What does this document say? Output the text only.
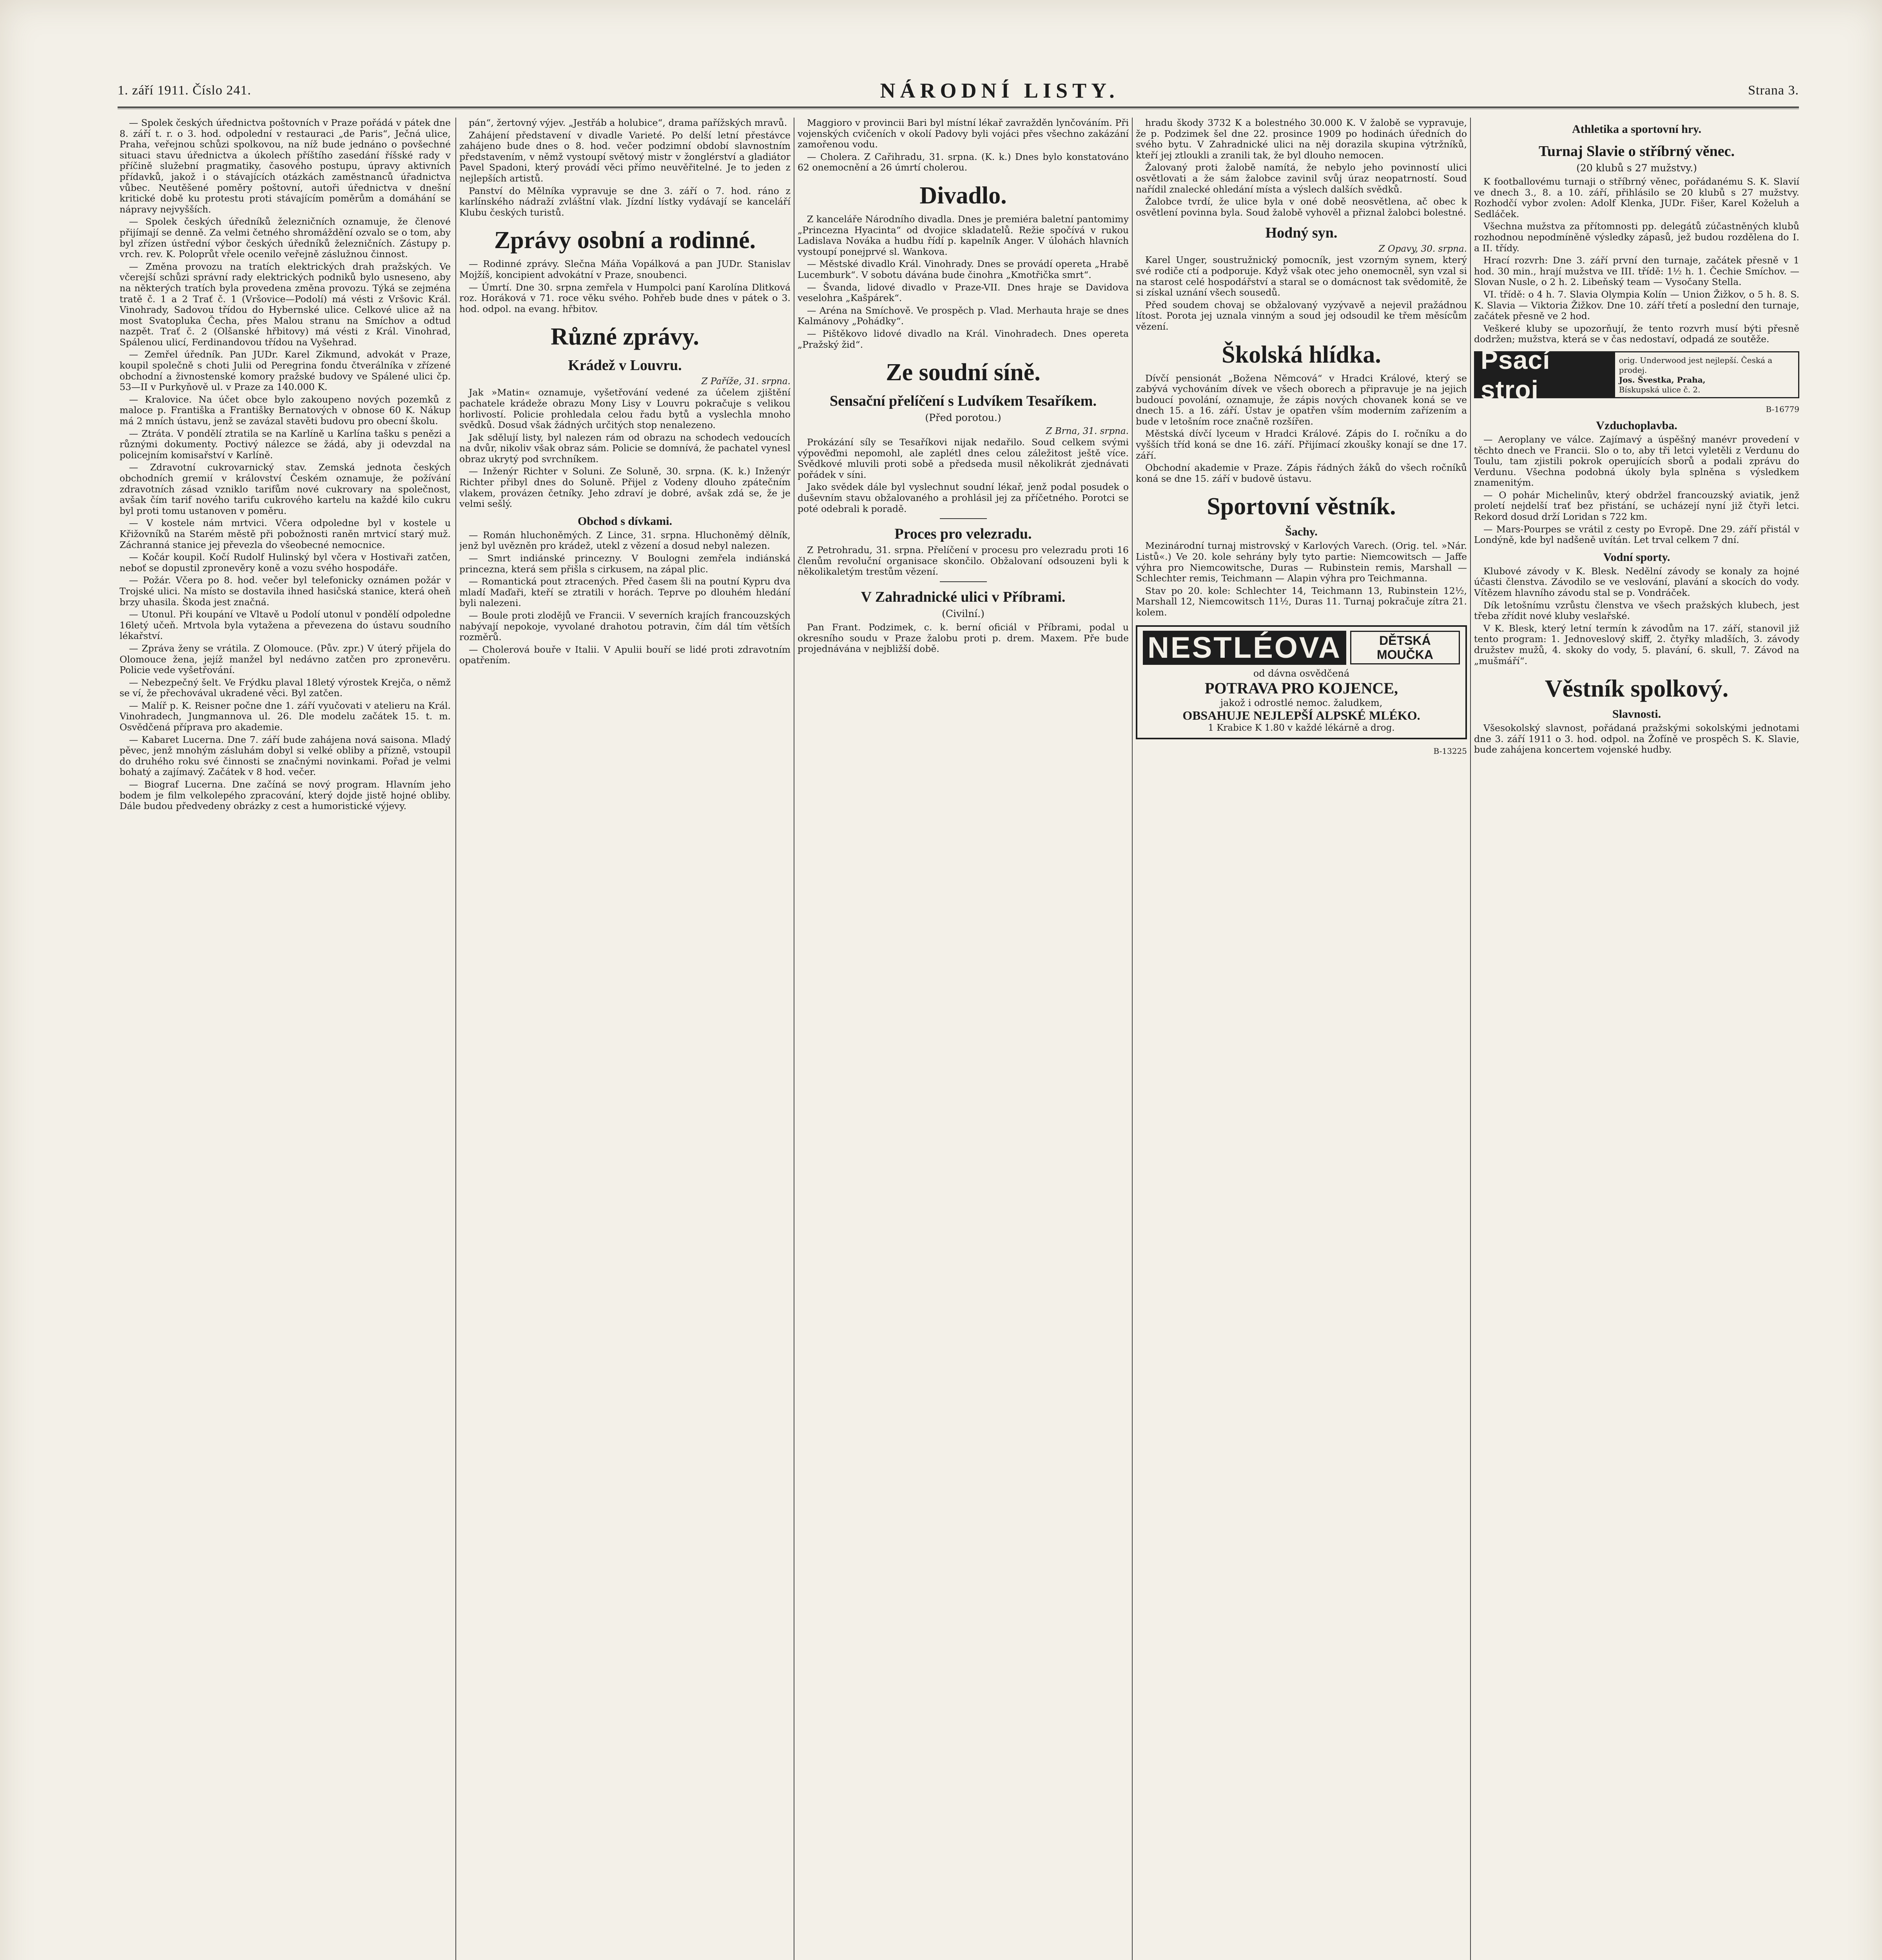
1. září 1911. Číslo 241.	NÁRODNÍ LISTY.	Strana 3.

— Spolek českých úřednictva poštovních v Praze pořádá v pátek dne 8. září t. r. o 3. hod. odpolední v restauraci „de Paris“, Ječná ulice, Praha, veřejnou schůzi spolkovou, na níž bude jednáno o povšechné situaci stavu úřednictva a úkolech příštího zasedání říšské rady v příčině služební pragmatiky, časového postupu, úpravy aktivních přídavků, jakož i o stávajících otázkách zaměstnanců úřadnictva vůbec. Neutěšené poměry poštovní, autoři úřednictva v dnešní kritické době ku protestu proti stávajícím poměrům a domáhání se nápravy nejvyšších.

— Spolek českých úředníků železničních oznamuje, že členové přijímají se denně. Za velmi četného shromáždění ozvalo se o tom, aby byl zřízen ústřední výbor českých úředníků železničních. Zástupy p. vrch. rev. K. Poloprůt vřele ocenilo veřejně záslužnou činnost.

— Změna provozu na tratích elektrických drah pražských. Ve včerejší schůzi správní rady elektrických podniků bylo usneseno, aby na některých tratích byla provedena změna provozu. Týká se zejména tratě č. 1 a 2 Trať č. 1 (Vršovice—Podolí) má vésti z Vršovic Král. Vinohrady, Sadovou třídou do Hybernské ulice. Celkové ulice až na most Svatopluka Čecha, přes Malou stranu na Smíchov a odtud nazpět. Trať č. 2 (Olšanské hřbitovy) má vésti z Král. Vinohrad, Spálenou ulicí, Ferdinandovou třídou na Vyšehrad.

— Zemřel úředník. Pan JUDr. Karel Zikmund, advokát v Praze, koupil společně s choti Julii od Peregrina fondu čtverálníka v zřízené obchodní a živnostenské komory pražské budovy ve Spálené ulici čp. 53—II v Purkyňově ul. v Praze za 140.000 K.

— Kralovice. Na účet obce bylo zakoupeno nových pozemků z maloce p. Františka a Františky Bernatových v obnose 60 K. Nákup má 2 mních ústavu, jenž se zavázal stavěti budovu pro obecní školu.

— Ztráta. V pondělí ztratila se na Karlíně u Karlína tašku s penězi a různými dokumenty. Poctivý nálezce se žádá, aby ji odevzdal na policejním komisařství v Karlíně.

— Zdravotní cukrovarnický stav. Zemská jednota českých obchodních gremií v království Českém oznamuje, že požívání zdravotních zásad vzniklo tarifům nové cukrovary na společnost, avšak čím tarif nového tarifu cukrového kartelu na každé kilo cukru byl proti tomu ustanoven v poměru.

— V kostele nám mrtvici. Včera odpoledne byl v kostele u Křižovníků na Starém městě při pobožnosti raněn mrtvicí starý muž. Záchranná stanice jej převezla do všeobecné nemocnice.

— Kočár koupil. Kočí Rudolf Hulinský byl včera v Hostivaři zatčen, neboť se dopustil zpronevěry koně a vozu svého hospodáře.

— Požár. Včera po 8. hod. večer byl telefonicky oznámen požár v Trojské ulici. Na místo se dostavila ihned hasičská stanice, která oheň brzy uhasila. Škoda jest značná.

— Utonul. Při koupání ve Vltavě u Podolí utonul v pondělí odpoledne 16letý učeň. Mrtvola byla vytažena a převezena do ústavu soudního lékařství.

— Zpráva ženy se vrátila. Z Olomouce. (Pův. zpr.) V úterý přijela do Olomouce žena, jejíž manžel byl nedávno zatčen pro zpronevěru. Policie vede vyšetřování.

— Nebezpečný šelt. Ve Frýdku plaval 18letý výrostek Krejča, o němž se ví, že přechovával ukradené věci. Byl zatčen.

— Malíř p. K. Reisner počne dne 1. září vyučovati v atelieru na Král. Vinohradech, Jungmannova ul. 26. Dle modelu začátek 15. t. m. Osvědčená příprava pro akademie.

— Kabaret Lucerna. Dne 7. září bude zahájena nová saisona. Mladý pěvec, jenž mnohým zásluhám dobyl si velké obliby a přízně, vstoupil do druhého roku své činnosti se značnými novinkami. Pořad je velmi bohatý a zajímavý. Začátek v 8 hod. večer.

— Biograf Lucerna. Dne začíná se nový program. Hlavním jeho bodem je film velkolepého zpracování, který dojde jistě hojné obliby. Dále budou předvedeny obrázky z cest a humoristické výjevy.

pán“, žertovný výjev. „Jestřáb a holubice“, drama pařížských mravů.

Zahájení představení v divadle Varieté. Po delší letní přestávce zahájeno bude dnes o 8. hod. večer podzimní období slavnostním představením, v němž vystoupí světový mistr v žonglérství a gladiátor Pavel Spadoni, který provádí věci přímo neuvěřitelné. Je to jeden z nejlepších artistů.

Panství do Mělníka vypravuje se dne 3. září o 7. hod. ráno z karlínského nádraží zvláštní vlak. Jízdní lístky vydávají se kanceláří Klubu českých turistů.

Zprávy osobní a rodinné.

— Rodinné zprávy. Slečna Máňa Vopálková a pan JUDr. Stanislav Mojžíš, koncipient advokátní v Praze, snoubenci.

— Úmrtí. Dne 30. srpna zemřela v Humpolci paní Karolína Dlitková roz. Horáková v 71. roce věku svého. Pohřeb bude dnes v pátek o 3. hod. odpol. na evang. hřbitov.

Různé zprávy.
Krádež v Louvru.

Z Paříže, 31. srpna.

Jak »Matin« oznamuje, vyšetřování vedené za účelem zjištění pachatele krádeže obrazu Mony Lisy v Louvru pokračuje s velikou horlivostí. Policie prohledala celou řadu bytů a vyslechla mnoho svědků. Dosud však žádných určitých stop nenalezeno.

Jak sdělují listy, byl nalezen rám od obrazu na schodech vedoucích na dvůr, nikoliv však obraz sám. Policie se domnívá, že pachatel vynesl obraz ukrytý pod svrchníkem.

— Inženýr Richter v Soluni. Ze Soluně, 30. srpna. (K. k.) Inženýr Richter přibyl dnes do Soluně. Přijel z Vodeny dlouho zpátečním vlakem, provázen četníky. Jeho zdraví je dobré, avšak zdá se, že je velmi sešlý.

Obchod s dívkami.

— Román hluchoněmých. Z Lince, 31. srpna. Hluchoněmý dělník, jenž byl uvězněn pro krádež, utekl z vězení a dosud nebyl nalezen.

— Smrt indiánské princezny. V Boulogni zemřela indiánská princezna, která sem přišla s cirkusem, na zápal plic.

— Romantická pout ztracených. Před časem šli na poutní Kypru dva mladí Maďaři, kteří se ztratili v horách. Teprve po dlouhém hledání byli nalezeni.

— Boule proti zlodějů ve Francii. V severních krajích francouzských nabývají nepokoje, vyvolané drahotou potravin, čím dál tím větších rozměrů.

— Cholerová bouře v Italii. V Apulii bouří se lidé proti zdravotním opatřením.

Maggioro v provincii Bari byl místní lékař zavražděn lynčováním. Při vojenských cvičeních v okolí Padovy byli vojáci přes všechno zakázání zamořenou vodu.

— Cholera. Z Cařihradu, 31. srpna. (K. k.) Dnes bylo konstatováno 62 onemocnění a 26 úmrtí cholerou.

Divadlo.

Z kanceláře Národního divadla. Dnes je premiéra baletní pantomimy „Princezna Hyacinta“ od dvojice skladatelů. Režie spočívá v rukou Ladislava Nováka a hudbu řídí p. kapelník Anger. V úlohách hlavních vystoupí ponejprvé sl. Wankova.

— Městské divadlo Král. Vinohrady. Dnes se provádí opereta „Hrabě Lucemburk“. V sobotu dávána bude činohra „Kmotřička smrt“.

— Švanda, lidové divadlo v Praze-VII. Dnes hraje se Davidova veselohra „Kašpárek“.

— Aréna na Smíchově. Ve prospěch p. Vlad. Merhauta hraje se dnes Kalmánovy „Pohádky“.

— Pištěkovo lidové divadlo na Král. Vinohradech. Dnes opereta „Pražský žid“.

Ze soudní síně.
Sensační přelíčení s Ludvíkem Tesaříkem.

(Před porotou.)

Z Brna, 31. srpna.

Prokázání síly se Tesaříkovi nijak nedařilo. Soud celkem svými výpověďmi nepomohl, ale zaplétl dnes celou záležitost ještě více. Svědkové mluvili proti sobě a předseda musil několikrát zjednávati pořádek v síni.

Jako svědek dále byl vyslechnut soudní lékař, jenž podal posudek o duševním stavu obžalovaného a prohlásil jej za příčetného. Porotci se poté odebrali k poradě.

Proces pro velezradu.

Z Petrohradu, 31. srpna. Přelíčení v procesu pro velezradu proti 16 členům revoluční organisace skončilo. Obžalovaní odsouzeni byli k několikaletým trestům vězení.

V Zahradnické ulici v Příbrami.

(Civilní.)

Pan Frant. Podzimek, c. k. berní oficiál v Příbrami, podal u okresního soudu v Praze žalobu proti p. drem. Maxem. Pře bude projednávána v nejbližší době.

hradu škody 3732 K a bolestného 30.000 K. V žalobě se vypravuje, že p. Podzimek šel dne 22. prosince 1909 po hodinách úředních do svého bytu. V Zahradnické ulici na něj dorazila skupina výtržníků, kteří jej ztloukli a zranili tak, že byl dlouho nemocen.

Žalovaný proti žalobě namítá, že nebylo jeho povinností ulici osvětlovati a že sám žalobce zavinil svůj úraz neopatrností. Soud nařídil znalecké ohledání místa a výslech dalších svědků.

Žalobce tvrdí, že ulice byla v oné době neosvětlena, ač obec k osvětlení povinna byla. Soud žalobě vyhověl a přiznal žalobci bolestné.

Hodný syn.

Z Opavy, 30. srpna.

Karel Unger, soustružnický pomocník, jest vzorným synem, který své rodiče ctí a podporuje. Když však otec jeho onemocněl, syn vzal si na starost celé hospodářství a staral se o domácnost tak svědomitě, že si získal uznání všech sousedů.

Před soudem chovaj se obžalovaný vyzývavě a nejevil pražádnou lítost. Porota jej uznala vinným a soud jej odsoudil ke třem měsícům vězení.

Školská hlídka.

Dívčí pensionát „Božena Němcová“ v Hradci Králové, který se zabývá vychováním dívek ve všech oborech a připravuje je na jejich budoucí povolání, oznamuje, že zápis nových chovanek koná se ve dnech 15. a 16. září. Ústav je opatřen vším moderním zařízením a bude v letošním roce značně rozšířen.

Městská dívčí lyceum v Hradci Králové. Zápis do I. ročníku a do vyšších tříd koná se dne 16. září. Přijímací zkoušky konají se dne 17. září.

Obchodní akademie v Praze. Zápis řádných žáků do všech ročníků koná se dne 15. září v budově ústavu.

Sportovní věstník.
Šachy.

Mezinárodní turnaj mistrovský v Karlových Varech. (Orig. tel. »Nár. Listů«.) Ve 20. kole sehrány byly tyto partie: Niemcowitsch — Jaffe výhra pro Niemcowitsche, Duras — Rubinstein remis, Marshall — Schlechter remis, Teichmann — Alapin výhra pro Teichmanna.

Stav po 20. kole: Schlechter 14, Teichmann 13, Rubinstein 12½, Marshall 12, Niemcowitsch 11½, Duras 11. Turnaj pokračuje zítra 21. kolem.

NESTLÉOVA	DĚTSKÁ MOUČKA
od dávna osvědčená
POTRAVA PRO KOJENCE,
jakož i odrostlé nemoc. žaludkem,
OBSAHUJE NEJLEPŠÍ ALPSKÉ MLÉKO.
1 Krabice K 1.80 v každé lékárně a drog.
B-13225
Athletika a sportovní hry.
Turnaj Slavie o stříbrný věnec.

(20 klubů s 27 mužstvy.)

K footballovému turnaji o stříbrný věnec, pořádanému S. K. Slavií ve dnech 3., 8. a 10. září, přihlásilo se 20 klubů s 27 mužstvy. Rozhodčí vybor zvolen: Adolf Klenka, JUDr. Fišer, Karel Koželuh a Sedláček.

Všechna mužstva za přítomnosti pp. delegátů zúčastněných klubů rozhodnou nepodmíněně výsledky zápasů, jež budou rozdělena do I. a II. třídy.

Hrací rozvrh: Dne 3. září první den turnaje, začátek přesně v 1 hod. 30 min., hrají mužstva ve III. třídě: 1½ h. 1. Čechie Smíchov. — Slovan Nusle, o 2 h. 2. Libeňský team — Vysočany Stella.

VI. třídě: o 4 h. 7. Slavia Olympia Kolín — Union Žižkov, o 5 h. 8. S. K. Slavia — Viktoria Žižkov. Dne 10. září třetí a poslední den turnaje, začátek přesně ve 2 hod.

Veškeré kluby se upozorňují, že tento rozvrh musí býti přesně dodržen; mužstva, která se v čas nedostaví, odpadá ze soutěže.

Psací stroj
orig. Underwood jest nejlepší. Česká a prodej.
Jos. Švestka, Praha,
Bískupská ulice č. 2.
B-16779
Vzduchoplavba.

— Aeroplany ve válce. Zajímavý a úspěšný manévr provedení v těchto dnech ve Francii. Slo o to, aby tři letci vyletěli z Verdunu do Toulu, tam zjistili pokrok operujících sborů a podali zprávu do Verdunu. Všechna podobná úkoly byla splněna s výsledkem znamenitým.

— O pohár Michelinův, který obdržel francouzský aviatik, jenž proletí nejdelší trať bez přistání, se ucházejí nyní již čtyři letci. Rekord dosud drží Loridan s 722 km.

— Mars-Pourpes se vrátil z cesty po Evropě. Dne 29. září přistál v Londýně, kde byl nadšeně uvítán. Let trval celkem 7 dní.

Vodní sporty.

Klubové závody v K. Blesk. Nedělní závody se konaly za hojné účasti členstva. Závodilo se ve veslování, plavání a skocích do vody. Vítězem hlavního závodu stal se p. Vondráček.

Dík letošnímu vzrůstu členstva ve všech pražských klubech, jest třeba zřídit nové kluby veslařské.

V K. Blesk, který letní termín k závodům na 17. září, stanovil již tento program: 1. Jednoveslový skiff, 2. čtyřky mladších, 3. závody družstev mužů, 4. skoky do vody, 5. plavání, 6. skull, 7. Závod na „mušmáří“.

Věstník spolkový.
Slavnosti.

Všesokolský slavnost, pořádaná pražskými sokolskými jednotami dne 3. září 1911 o 3. hod. odpol. na Žofíně ve prospěch S. K. Slavie, bude zahájena koncertem vojenské hudby.
